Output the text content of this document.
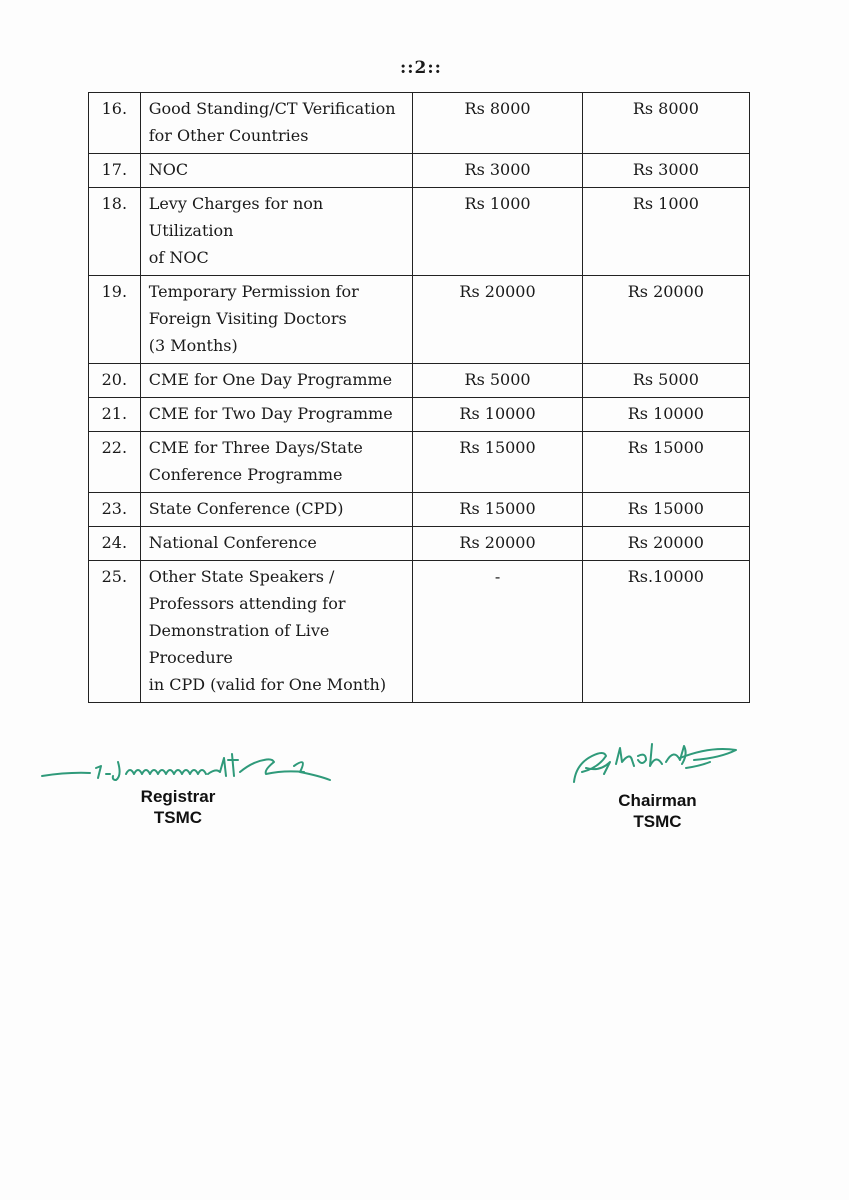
::2::
16.	Good Standing/CT Verification
for Other Countries	Rs 8000	Rs 8000
17.	NOC	Rs 3000	Rs 3000
18.	Levy Charges for non Utilization
of NOC	Rs 1000	Rs 1000
19.	Temporary Permission for
Foreign Visiting Doctors
(3 Months)	Rs 20000	Rs 20000
20.	CME for One Day Programme	Rs 5000	Rs 5000
21.	CME for Two Day Programme	Rs 10000	Rs 10000
22.	CME for Three Days/State
Conference Programme	Rs 15000	Rs 15000
23.	State Conference (CPD)	Rs 15000	Rs 15000
24.	National Conference	Rs 20000	Rs 20000
25.	Other State Speakers /
Professors attending for
Demonstration of Live Procedure
in CPD (valid for One Month)	-	Rs.10000
Registrar
TSMC
Chairman
TSMC
